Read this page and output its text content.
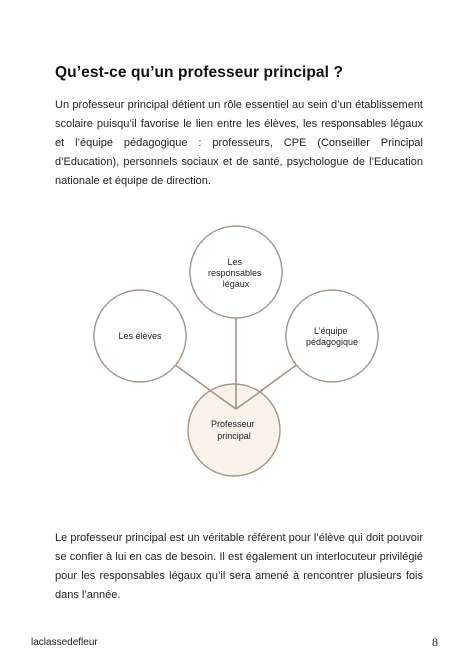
Qu’est-ce qu’un professeur principal ?

Un professeur principal détient un rôle essentiel au sein d’un établissement scolaire puisqu’il favorise le lien entre les élèves, les responsables légaux et l’équipe pédagogique : professeurs, CPE (Conseiller Principal d’Education), personnels sociaux et de santé, psychologue de l’Education nationale et équipe de direction.

Les responsables légaux
Les élèves	L’équipe pédagogique
Professeur principal

Le professeur principal est un véritable référent pour l’élève qui doit pouvoir se confier à lui en cas de besoin. Il est également un interlocuteur privilégié pour les responsables légaux qu’il sera amené à rencontrer plusieurs fois dans l’année.

laclassedefleur	8
